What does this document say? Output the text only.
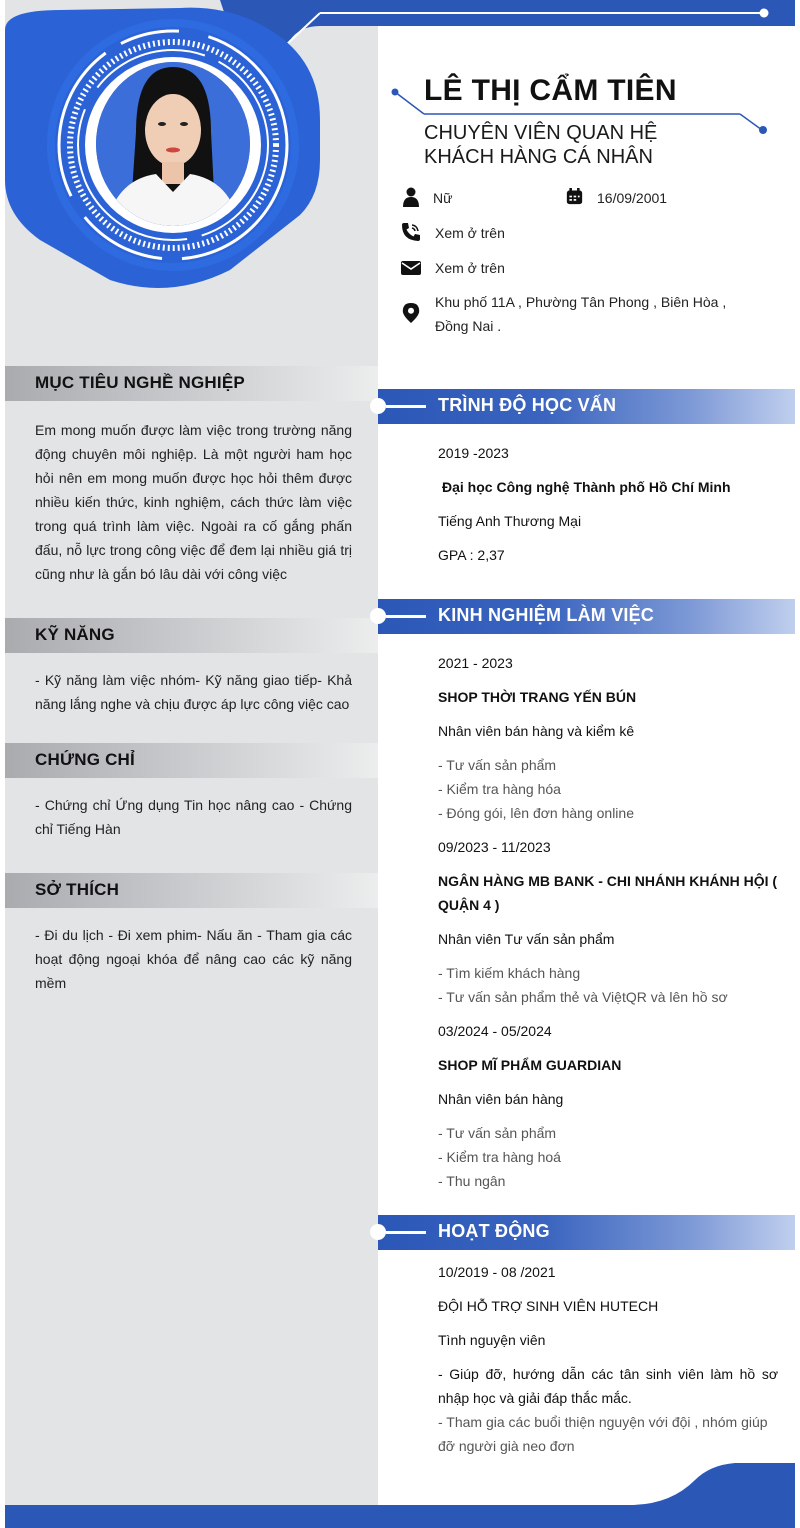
LÊ THỊ CẨM TIÊN
CHUYÊN VIÊN QUAN HỆ
KHÁCH HÀNG CÁ NHÂN
Nữ	16/09/2001
Xem ở trên
Xem ở trên
Khu phố 11A , Phường Tân Phong , Biên Hòa ,
Đồng Nai .
MỤC TIÊU NGHỀ NGHIỆP
Em mong muốn được làm việc trong trường năng động chuyên môi nghiệp. Là một người ham học hỏi nên em mong muốn được học hỏi thêm được nhiều kiến thức, kinh nghiệm, cách thức làm việc trong quá trình làm việc. Ngoài ra cố gắng phấn đấu, nỗ lực trong công việc để đem lại nhiều giá trị cũng như là gắn bó lâu dài với công việc
KỸ NĂNG
- Kỹ năng làm việc nhóm- Kỹ năng giao tiếp- Khả năng lắng nghe và chịu được áp lực công việc cao
CHỨNG CHỈ
- Chứng chỉ Ứng dụng Tin học nâng cao - Chứng chỉ Tiếng Hàn
SỞ THÍCH
- Đi du lịch - Đi xem phim- Nấu ăn - Tham gia các hoạt động ngoại khóa để nâng cao các kỹ năng mềm
TRÌNH ĐỘ HỌC VẤN
2019 -2023
Đại học Công nghệ Thành phố Hồ Chí Minh
Tiếng Anh Thương Mại
GPA : 2,37
KINH NGHIỆM LÀM VIỆC
2021 - 2023
SHOP THỜI TRANG YẾN BÚN
Nhân viên bán hàng và kiểm kê
- Tư vấn sản phẩm
- Kiểm tra hàng hóa
- Đóng gói, lên đơn hàng online
09/2023 - 11/2023
NGÂN HÀNG MB BANK - CHI NHÁNH KHÁNH HỘI (
QUẬN 4 )
Nhân viên Tư vấn sản phẩm
- Tìm kiếm khách hàng
- Tư vấn sản phẩm thẻ và ViệtQR và lên hồ sơ
03/2024 - 05/2024
SHOP MĨ PHẨM GUARDIAN
Nhân viên bán hàng
- Tư vấn sản phẩm
- Kiểm tra hàng hoá
- Thu ngân
HOẠT ĐỘNG
10/2019 - 08 /2021
ĐỘI HỖ TRỢ SINH VIÊN HUTECH
Tình nguyện viên
- Giúp đỡ, hướng dẫn các tân sinh viên làm hồ sơ nhập học và giải đáp thắc mắc.
- Tham gia các buổi thiện nguyện với đội , nhóm giúp đỡ người già neo đơn
